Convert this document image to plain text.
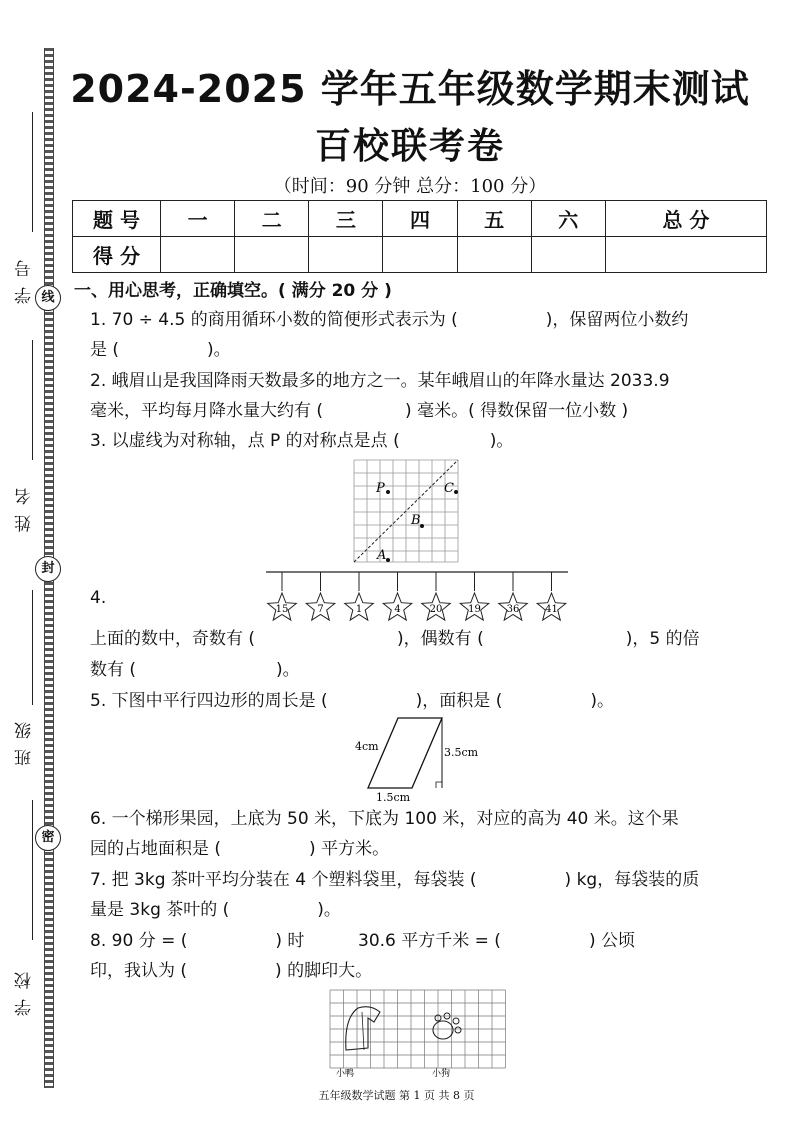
学号 线
姓名
封
班级
密
学校
2024-2025 学年五年级数学期末测试
百校联考卷
（时间：90 分钟 总分：100 分）
题 号	一	二	三	四	五	六	总 分
得 分							
一、用心思考，正确填空。( 满分 20 分 )
1. 70 ÷ 4.5 的商用循环小数的简便形式表示为 (	)，保留两位小数约
是 (	)。
2. 峨眉山是我国降雨天数最多的地方之一。某年峨眉山的年降水量达 2033.9
毫米，平均每月降水量大约有 (	) 毫米。( 得数保留一位小数 )
3. 以虚线为对称轴，点 P 的对称点是点 (	)。
P	C
B
A
4.
15	7	1	4	20	19	36	41
上面的数中，奇数有 (	)，偶数有 (	)，5 的倍
数有 (	)。
5. 下图中平行四边形的周长是 (	)，面积是 (	)。
4cm	3.5cm
1.5cm
6. 一个梯形果园，上底为 50 米，下底为 100 米，对应的高为 40 米。这个果
园的占地面积是 (	) 平方米。
7. 把 3kg 茶叶平均分装在 4 个塑料袋里，每袋装 (	) kg，每袋装的质
量是 3kg 茶叶的 (	)。
8. 90 分 = (	) 时	30.6 平方千米 = (	) 公顷
印，我认为 (	) 的脚印大。
小鸭	小狗
五年级数学试题 第 1 页 共 8 页
